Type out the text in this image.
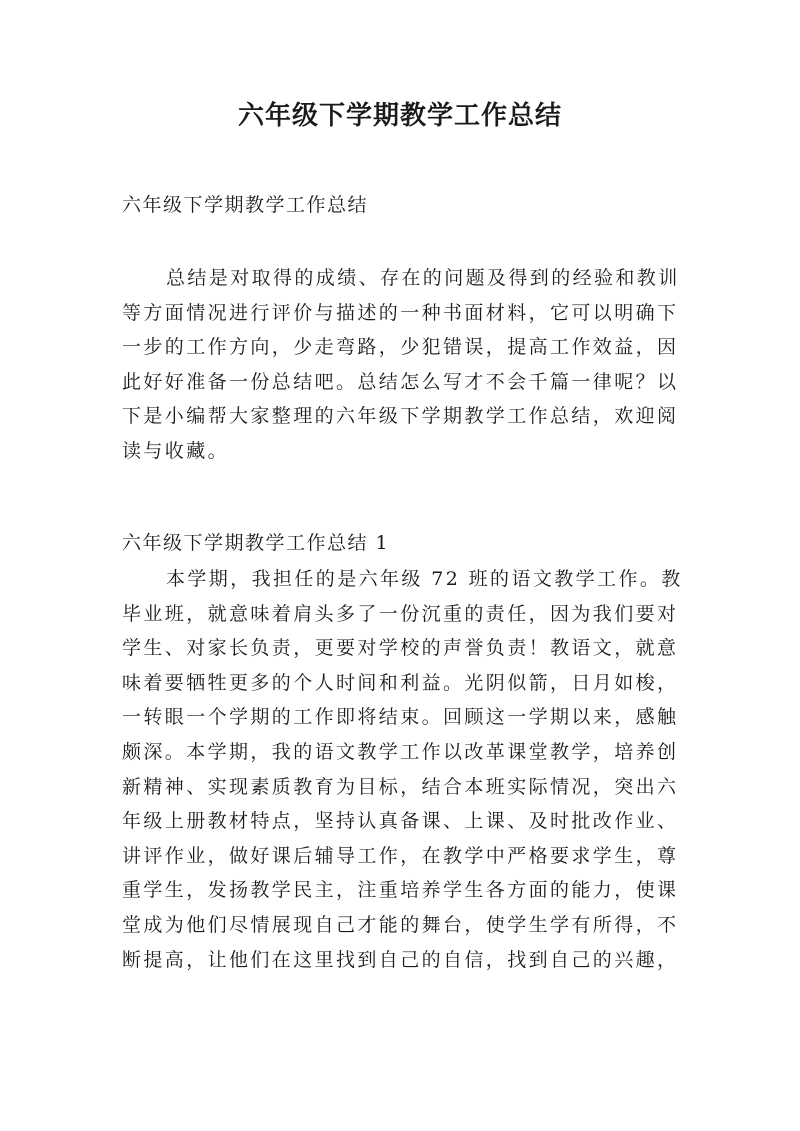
六年级下学期教学工作总结
六年级下学期教学工作总结
总结是对取得的成绩、存在的问题及得到的经验和教训
等方面情况进行评价与描述的一种书面材料，它可以明确下
一步的工作方向，少走弯路，少犯错误，提高工作效益，因
此好好准备一份总结吧。总结怎么写才不会千篇一律呢？以
下是小编帮大家整理的六年级下学期教学工作总结，欢迎阅
读与收藏。
六年级下学期教学工作总结 1
本学期，我担任的是六年级 72 班的语文教学工作。教
毕业班，就意味着肩头多了一份沉重的责任，因为我们要对
学生、对家长负责，更要对学校的声誉负责！教语文，就意
味着要牺牲更多的个人时间和利益。光阴似箭，日月如梭，
一转眼一个学期的工作即将结束。回顾这一学期以来，感触
颇深。本学期，我的语文教学工作以改革课堂教学，培养创
新精神、实现素质教育为目标，结合本班实际情况，突出六
年级上册教材特点，坚持认真备课、上课、及时批改作业、
讲评作业，做好课后辅导工作，在教学中严格要求学生，尊
重学生，发扬教学民主，注重培养学生各方面的能力，使课
堂成为他们尽情展现自己才能的舞台，使学生学有所得，不
断提高，让他们在这里找到自己的自信，找到自己的兴趣，
